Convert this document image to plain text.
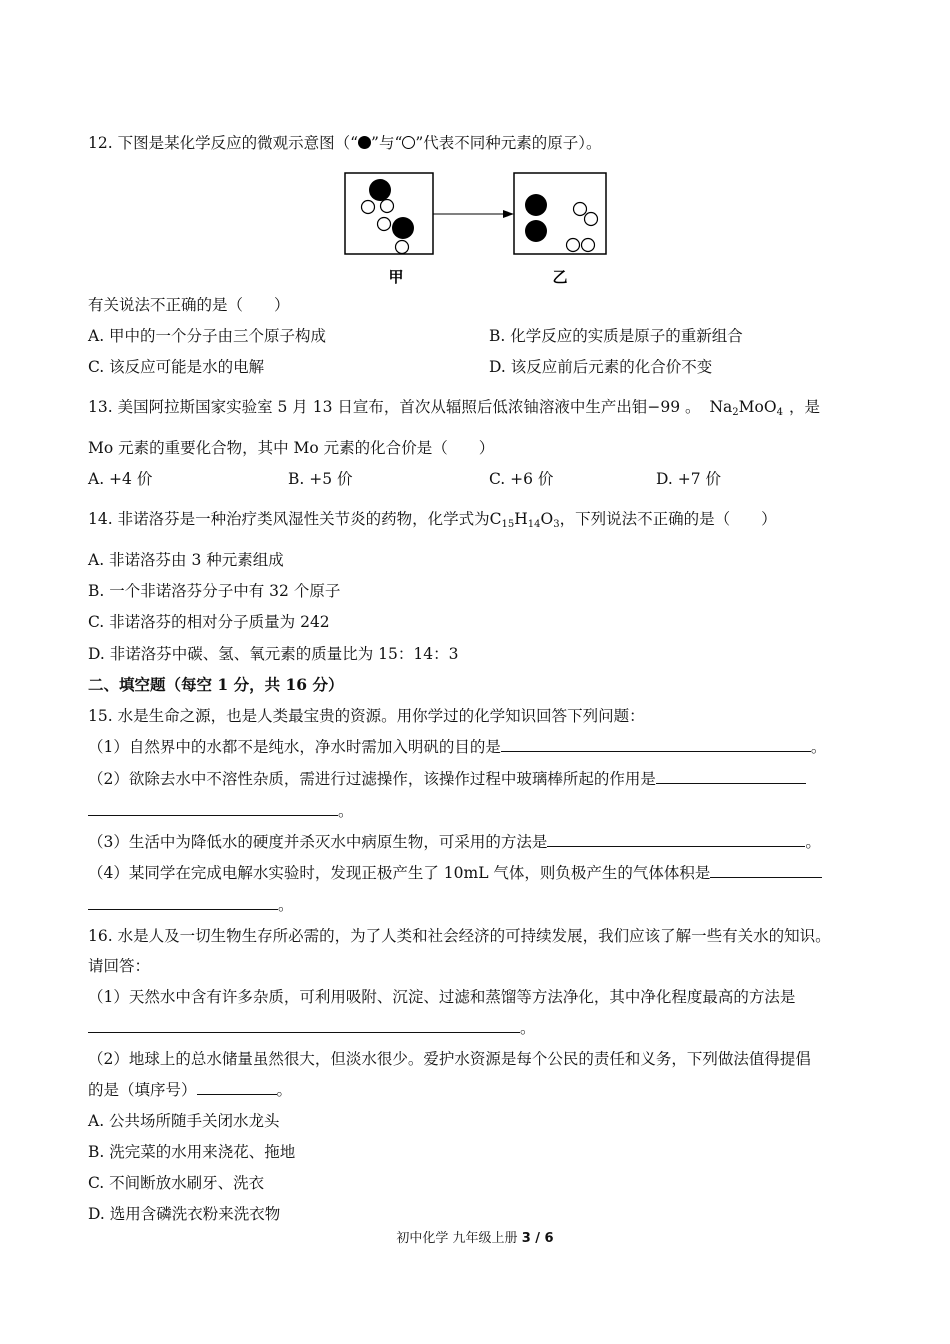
12. 下图是某化学反应的微观示意图（“ ”与“ ”代表不同种元素的原子）。
甲	乙
有关说法不正确的是（　　）
A. 甲中的一个分子由三个原子构成	B. 化学反应的实质是原子的重新组合
C. 该反应可能是水的电解	D. 该反应前后元素的化合价不变
13. 美国阿拉斯国家实验室 5 月 13 日宣布，首次从辐照后低浓铀溶液中生产出钼−99 。 $Na_2MoO_4$ ，是
Mo 元素的重要化合物，其中 Mo 元素的化合价是（　　）
A. +4 价	B. +5 价	C. +6 价	D. +7 价
14. 非诺洛芬是一种治疗类风湿性关节炎的药物，化学式为$C_{15}H_{14}O_3$，下列说法不正确的是（　　）
A. 非诺洛芬由 3 种元素组成
B. 一个非诺洛芬分子中有 32 个原子
C. 非诺洛芬的相对分子质量为 242
D. 非诺洛芬中碳、氢、氧元素的质量比为 15：14：3
二、填空题（每空 1 分，共 16 分）
15. 水是生命之源，也是人类最宝贵的资源。用你学过的化学知识回答下列问题：
（1）自然界中的水都不是纯水，净水时需加入明矾的目的是	。
（2）欲除去水中不溶性杂质，需进行过滤操作，该操作过程中玻璃棒所起的作用是
。
（3）生活中为降低水的硬度并杀灭水中病原生物，可采用的方法是	。
（4）某同学在完成电解水实验时，发现正极产生了 10mL 气体，则负极产生的气体体积是
。
16. 水是人及一切生物生存所必需的，为了人类和社会经济的可持续发展，我们应该了解一些有关水的知识。
请回答：
（1）天然水中含有许多杂质，可利用吸附、沉淀、过滤和蒸馏等方法净化，其中净化程度最高的方法是
。
（2）地球上的总水储量虽然很大，但淡水很少。爱护水资源是每个公民的责任和义务，下列做法值得提倡
的是（填序号）	。
A. 公共场所随手关闭水龙头
B. 洗完菜的水用来浇花、拖地
C. 不间断放水刷牙、洗衣
D. 选用含磷洗衣粉来洗衣物
初中化学 九年级上册 3 / 6
